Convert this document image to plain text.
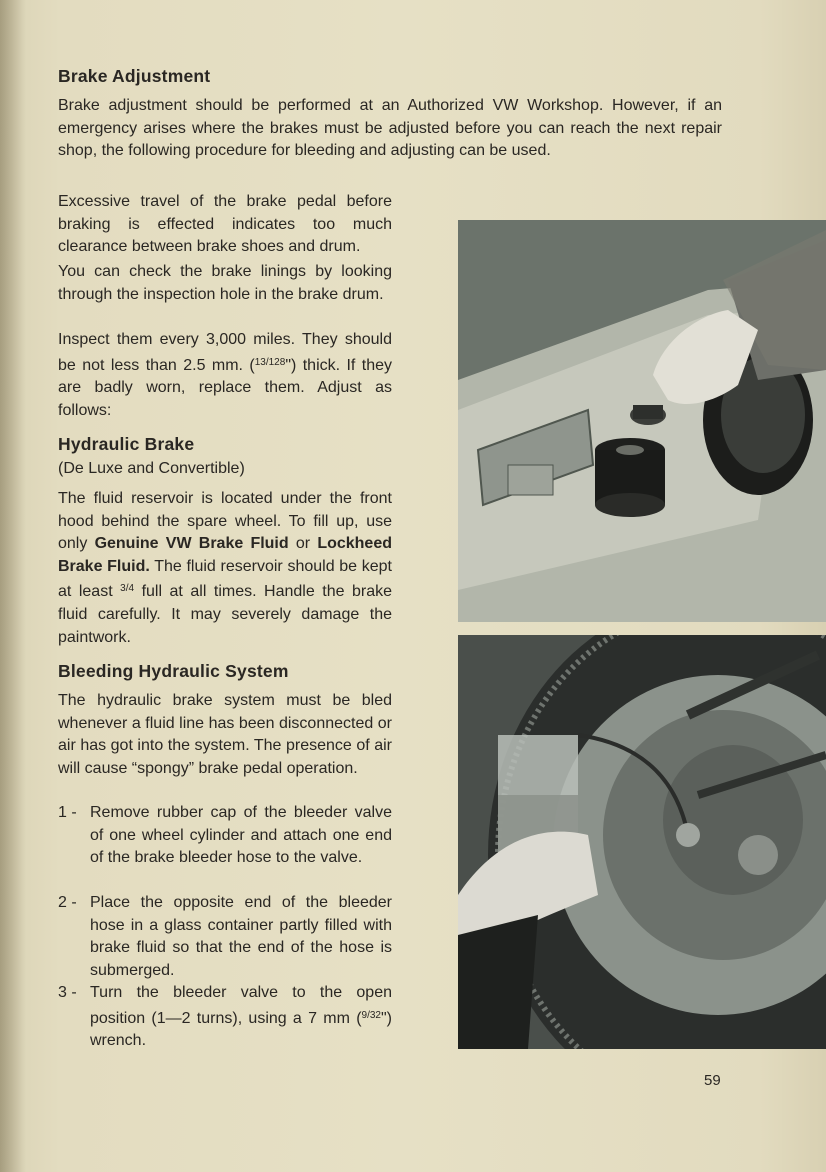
Brake Adjustment

Brake adjustment should be performed at an Authorized VW Workshop. However, if an emergency arises where the brakes must be adjusted before you can reach the next repair shop, the following procedure for bleeding and adjusting can be used.

Excessive travel of the brake pedal before braking is effected indicates too much clearance between brake shoes and drum.

You can check the brake linings by looking through the inspection hole in the brake drum.

Inspect them every 3,000 miles. They should be not less than 2.5 mm. ($^{13/128}$") thick. If they are badly worn, replace them. Adjust as follows:

Hydraulic Brake

(De Luxe and Convertible)

The fluid reservoir is located under the front hood behind the spare wheel. To fill up, use only Genuine VW Brake Fluid or Lockheed Brake Fluid. The fluid reservoir should be kept at least $^{3/4}$ full at all times. Handle the brake fluid carefully. It may severely damage the paintwork.

Bleeding Hydraulic System

The hydraulic brake system must be bled whenever a fluid line has been disconnected or air has got into the system. The presence of air will cause “spongy” brake pedal operation.

1 - Remove rubber cap of the bleeder valve of one wheel cylinder and attach one end of the brake bleeder hose to the valve.
2 - Place the opposite end of the bleeder hose in a glass container partly filled with brake fluid so that the end of the hose is submerged.
3 - Turn the bleeder valve to the open position (1—2 turns), using a 7 mm ($^{9/32}$") wrench.
59
